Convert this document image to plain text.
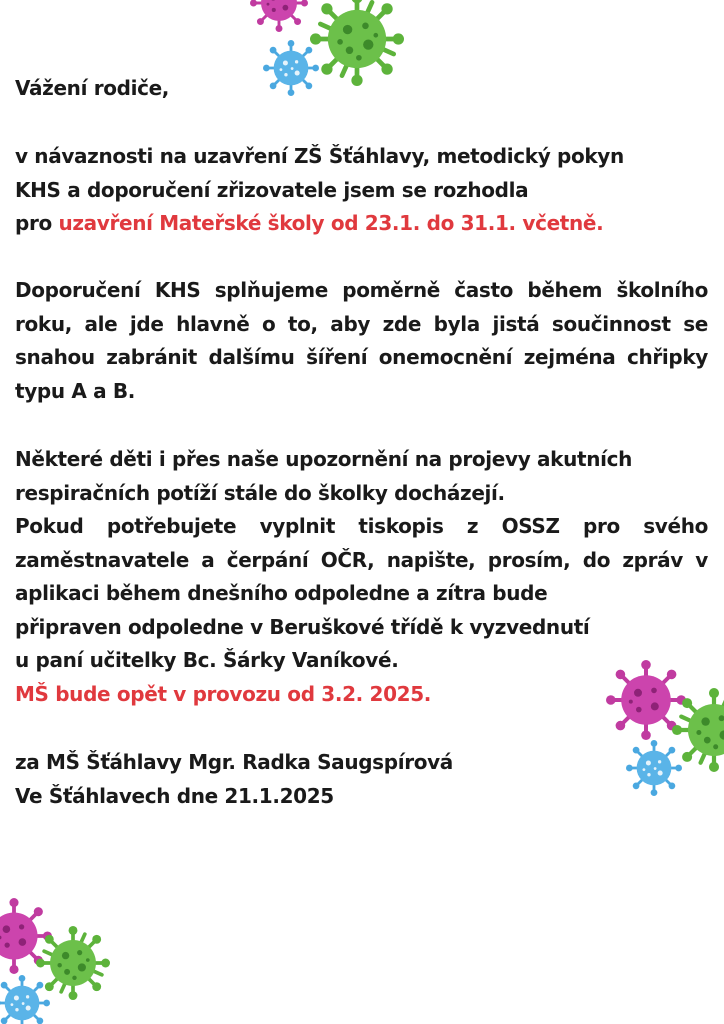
Vážení rodiče,
v návaznosti na uzavření ZŠ Šťáhlavy, metodický pokyn
KHS a doporučení zřizovatele jsem se rozhodla
pro uzavření Mateřské školy od 23.1. do 31.1. včetně.
Doporučení KHS splňujeme poměrně často během školního roku, ale jde hlavně o to, aby zde byla jistá součinnost se snahou zabránit dalšímu šíření onemocnění zejména chřipky typu A a B.
Některé děti i přes naše upozornění na projevy akutních
respiračních potíží stále do školky docházejí.
Pokud potřebujete vyplnit tiskopis z OSSZ pro svého zaměstnavatele a čerpání OČR, napište, prosím, do zpráv v aplikaci během dnešního odpoledne a zítra bude
připraven odpoledne v Beruškové třídě k vyzvednutí
u paní učitelky Bc. Šárky Vaníkové.
MŠ bude opět v provozu od 3.2. 2025.
za MŠ Šťáhlavy Mgr. Radka Saugspírová
Ve Šťáhlavech dne 21.1.2025
